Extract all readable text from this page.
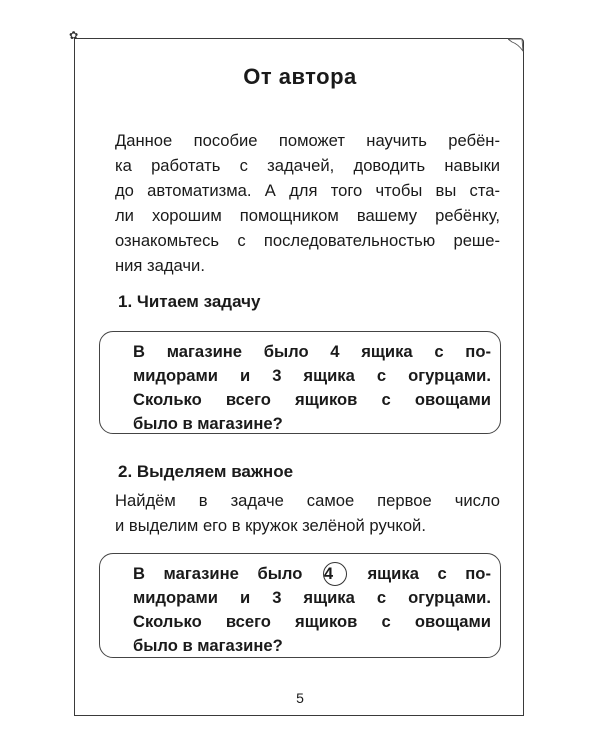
✿
От автора
Данное пособие поможет научить ребён-
ка работать с задачей, доводить навыки
до автоматизма. А для того чтобы вы ста-
ли хорошим помощником вашему ребёнку,
ознакомьтесь с последовательностью реше-
ния задачи.
1. Читаем задачу
В магазине было 4 ящика с по-
мидорами и 3 ящика с огурцами.
Сколько всего ящиков с овощами
было в магазине?
2. Выделяем важное
Найдём в задаче самое первое число
и выделим его в кружок зелёной ручкой.
В магазине было 4 ящика с по-
мидорами и 3 ящика с огурцами.
Сколько всего ящиков с овощами
было в магазине?
5
